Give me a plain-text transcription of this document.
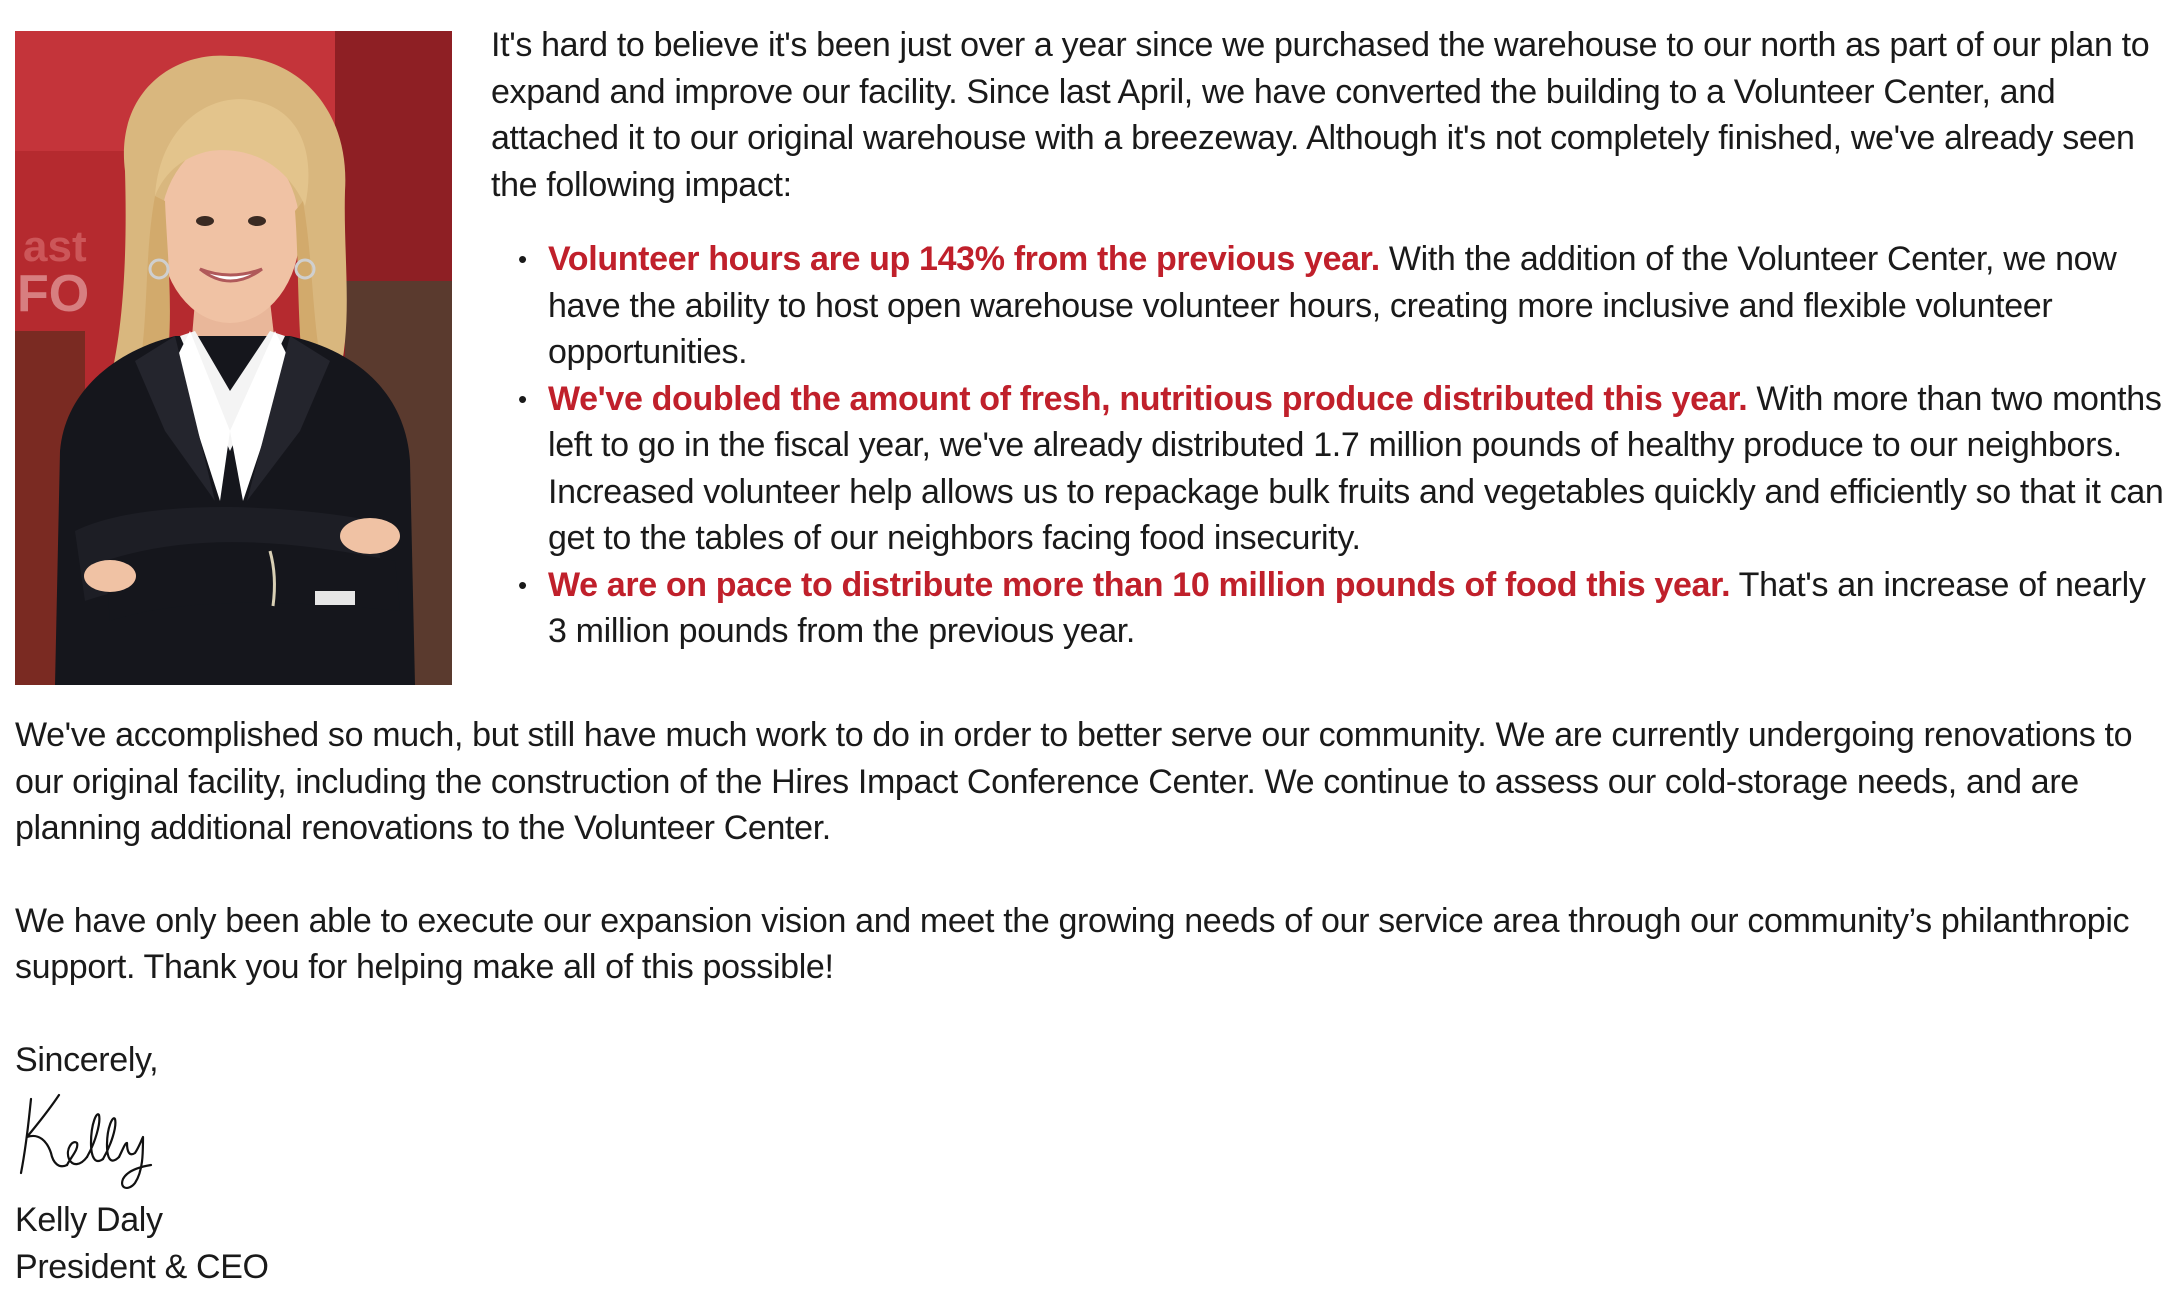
ast
FO

It's hard to believe it's been just over a year since we purchased the warehouse to our north as part of our plan to expand and improve our facility. Since last April, we have converted the building to a Volunteer Center, and attached it to our original warehouse with a breezeway. Although it's not completely finished, we've already seen the following impact:

• Volunteer hours are up 143% from the previous year. With the addition of the Volunteer Center, we now have the ability to host open warehouse volunteer hours, creating more inclusive and flexible volunteer opportunities.
• We've doubled the amount of fresh, nutritious produce distributed this year. With more than two months left to go in the fiscal year, we've already distributed 1.7 million pounds of healthy produce to our neighbors. Increased volunteer help allows us to repackage bulk fruits and vegetables quickly and efficiently so that it can get to the tables of our neighbors facing food insecurity.
• We are on pace to distribute more than 10 million pounds of food this year. That's an increase of nearly 3 million pounds from the previous year.

We've accomplished so much, but still have much work to do in order to better serve our community. We are currently undergoing renovations to our original facility, including the construction of the Hires Impact Conference Center. We continue to assess our cold-storage needs, and are planning additional renovations to the Volunteer Center.

We have only been able to execute our expansion vision and meet the growing needs of our service area through our community’s philanthropic support. Thank you for helping make all of this possible!

Sincerely,

Kelly Daly

President & CEO
